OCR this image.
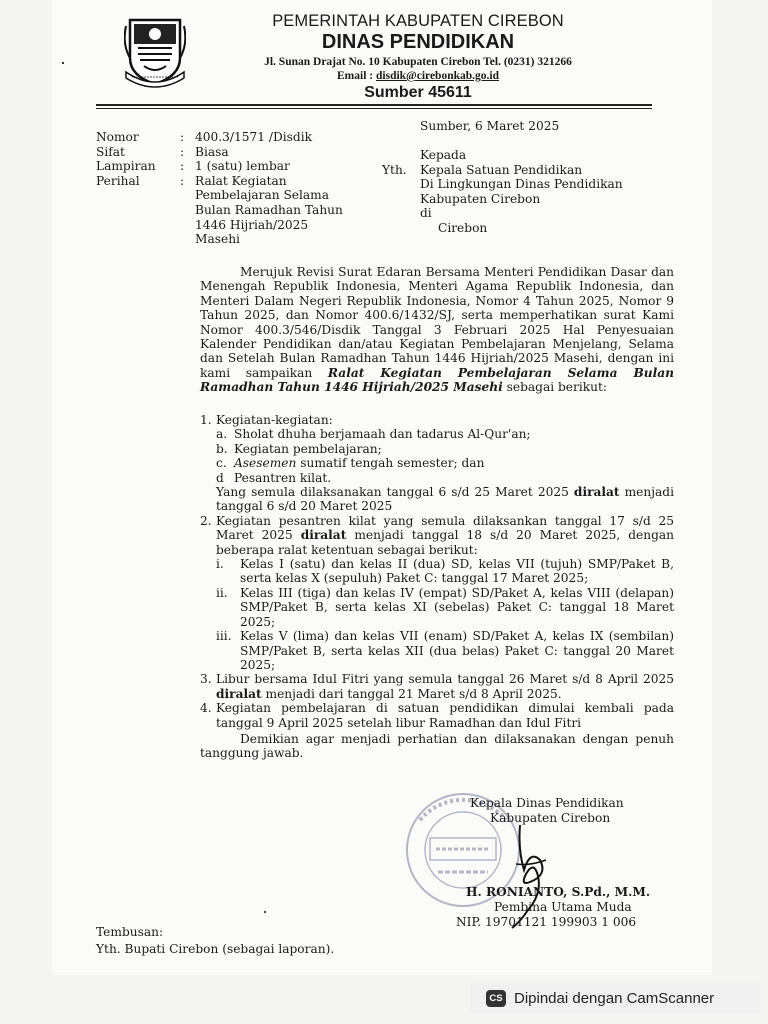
PEMERINTAH KABUPATEN CIREBON
DINAS PENDIDIKAN
Jl. Sunan Drajat No. 10 Kabupaten Cirebon Tel. (0231) 321266
Email : disdik@cirebonkab.go.id
Sumber 45611
Nomor
Sifat
Lampiran
Perihal
:
:
:
:
400.3/1571 /Disdik
Biasa
1 (satu) lembar
Ralat Kegiatan
Pembelajaran Selama
Bulan Ramadhan Tahun
1446 Hijriah/2025
Masehi
Sumber, 6 Maret 2025
Yth.
Kepada
Kepala Satuan Pendidikan
Di Lingkungan Dinas Pendidikan
Kabupaten Cirebon
di
Cirebon
Merujuk Revisi Surat Edaran Bersama Menteri Pendidikan Dasar dan Menengah Republik Indonesia, Menteri Agama Republik Indonesia, dan Menteri Dalam Negeri Republik Indonesia, Nomor 4 Tahun 2025, Nomor 9 Tahun 2025, dan Nomor 400.6/1432/SJ, serta memperhatikan surat Kami Nomor 400.3/546/Disdik Tanggal 3 Februari 2025 Hal Penyesuaian Kalender Pendidikan dan/atau Kegiatan Pembelajaran Menjelang, Selama dan Setelah Bulan Ramadhan Tahun 1446 Hijriah/2025 Masehi, dengan ini kami sampaikan Ralat Kegiatan Pembelajaran Selama Bulan Ramadhan Tahun 1446 Hijriah/2025 Masehi sebagai berikut:
1. Kegiatan-kegiatan:
a. Sholat dhuha berjamaah dan tadarus Al-Qur'an;
b. Kegiatan pembelajaran;
c. Asesemen sumatif tengah semester; dan
d Pesantren kilat.
Yang semula dilaksanakan tanggal 6 s/d 25 Maret 2025 diralat menjadi tanggal 6 s/d 20 Maret 2025
2. Kegiatan pesantren kilat yang semula dilaksankan tanggal 17 s/d 25 Maret 2025 diralat menjadi tanggal 18 s/d 20 Maret 2025, dengan beberapa ralat ketentuan sebagai berikut:
i.	Kelas I (satu) dan kelas II (dua) SD, kelas VII (tujuh) SMP/Paket B, serta kelas X (sepuluh) Paket C: tanggal 17 Maret 2025;
ii.	Kelas III (tiga) dan kelas IV (empat) SD/Paket A, kelas VIII (delapan) SMP/Paket B, serta kelas XI (sebelas) Paket C: tanggal 18 Maret 2025;
iii. Kelas V (lima) dan kelas VII (enam) SD/Paket A, kelas IX (sembilan) SMP/Paket B, serta kelas XII (dua belas) Paket C: tanggal 20 Maret 2025;
3. Libur bersama Idul Fitri yang semula tanggal 26 Maret s/d 8 April 2025 diralat menjadi dari tanggal 21 Maret s/d 8 April 2025.
4. Kegiatan pembelajaran di satuan pendidikan dimulai kembali pada tanggal 9 April 2025 setelah libur Ramadhan dan Idul Fitri
Demikian agar menjadi perhatian dan dilaksanakan dengan penuh tanggung jawab.
Kepala Dinas Pendidikan
Kabupaten Cirebon
H. RONIANTO, S.Pd., M.M.
Pembina Utama Muda
NIP. 19701121 199903 1 006
Tembusan:
Yth. Bupati Cirebon (sebagai laporan).
CS Dipindai dengan CamScanner
